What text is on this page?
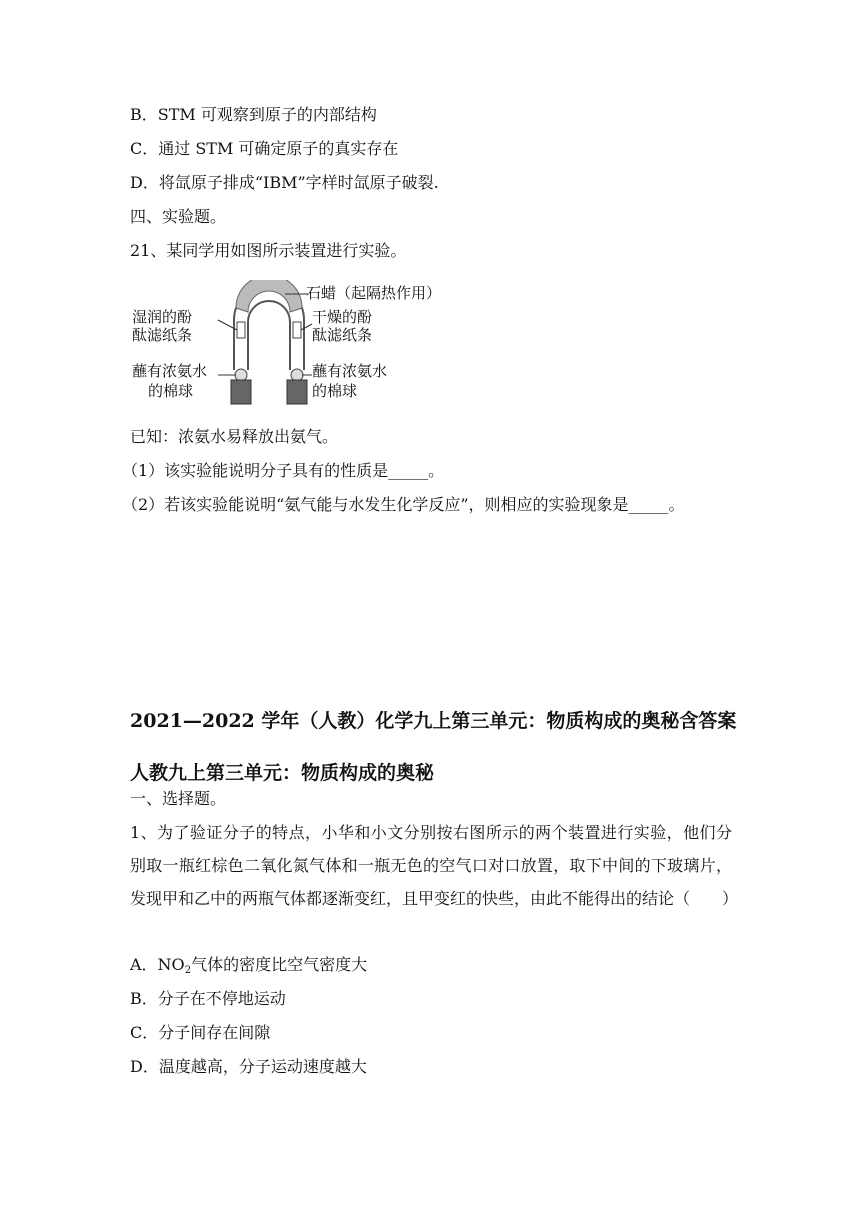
B．STM 可观察到原子的内部结构
C．通过 STM 可确定原子的真实存在
D．将氙原子排成“IBM”字样时氙原子破裂.
四、实验题。
21、某同学用如图所示装置进行实验。
石蜡（起隔热作用）
湿润的酚
酞滤纸条
干燥的酚
酞滤纸条
蘸有浓氨水
的棉球
蘸有浓氨水
的棉球
已知：浓氨水易释放出氨气。
（1）该实验能说明分子具有的性质是_____。
（2）若该实验能说明“氨气能与水发生化学反应”，则相应的实验现象是_____。
2021—2022 学年（人教）化学九上第三单元：物质构成的奥秘含答案
人教九上第三单元：物质构成的奥秘
一、选择题。
1、为了验证分子的特点，小华和小文分别按右图所示的两个装置进行实验，他们分别取一瓶红棕色二氧化氮气体和一瓶无色的空气口对口放置，取下中间的下玻璃片，发现甲和乙中的两瓶气体都逐渐变红，且甲变红的快些，由此不能得出的结论（　　）
A．$NO_2$气体的密度比空气密度大
B．分子在不停地运动
C．分子间存在间隙
D．温度越高，分子运动速度越大
